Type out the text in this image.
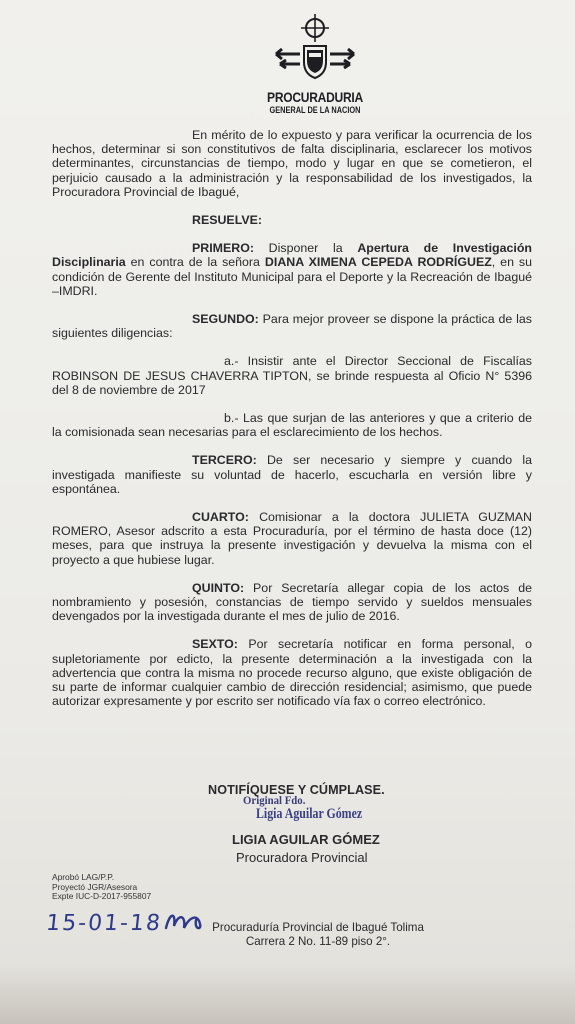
PROCURADURIA
GENERAL DE LA NACION

En mérito de lo expuesto y para verificar la ocurrencia de los hechos, determinar si son constitutivos de falta disciplinaria, esclarecer los motivos determinantes, circunstancias de tiempo, modo y lugar en que se cometieron, el perjuicio causado a la administración y la responsabilidad de los investigados, la Procuradora Provincial de Ibagué,

RESUELVE:

PRIMERO: Disponer la Apertura de Investigación Disciplinaria en contra de la señora DIANA XIMENA CEPEDA RODRÍGUEZ, en su condición de Gerente del Instituto Municipal para el Deporte y la Recreación de Ibagué –IMDRI.

SEGUNDO: Para mejor proveer se dispone la práctica de las siguientes diligencias:

a.- Insistir ante el Director Seccional de Fiscalías ROBINSON DE JESUS CHAVERRA TIPTON, se brinde respuesta al Oficio N° 5396 del 8 de noviembre de 2017

b.- Las que surjan de las anteriores y que a criterio de la comisionada sean necesarias para el esclarecimiento de los hechos.

TERCERO: De ser necesario y siempre y cuando la investigada manifieste su voluntad de hacerlo, escucharla en versión libre y espontánea.

CUARTO: Comisionar a la doctora JULIETA GUZMAN ROMERO, Asesor adscrito a esta Procuraduría, por el término de hasta doce (12) meses, para que instruya la presente investigación y devuelva la misma con el proyecto a que hubiese lugar.

QUINTO: Por Secretaría allegar copia de los actos de nombramiento y posesión, constancias de tiempo servido y sueldos mensuales devengados por la investigada durante el mes de julio de 2016.

SEXTO: Por secretaría notificar en forma personal, o supletoriamente por edicto, la presente determinación a la investigada con la advertencia que contra la misma no procede recurso alguno, que existe obligación de su parte de informar cualquier cambio de dirección residencial; asimismo, que puede autorizar expresamente y por escrito ser notificado vía fax o correo electrónico.

NOTIFÍQUESE Y CÚMPLASE.
Original Fdo.
Ligia Aguilar Gómez
LIGIA AGUILAR GÓMEZ
Procuradora Provincial
Aprobó LAG/P.P.
Proyectó JGR/Asesora
Expte IUC-D-2017-955807
15-01-18	Procuraduría Provincial de Ibagué Tolima
Carrera 2 No. 11-89 piso 2°.
